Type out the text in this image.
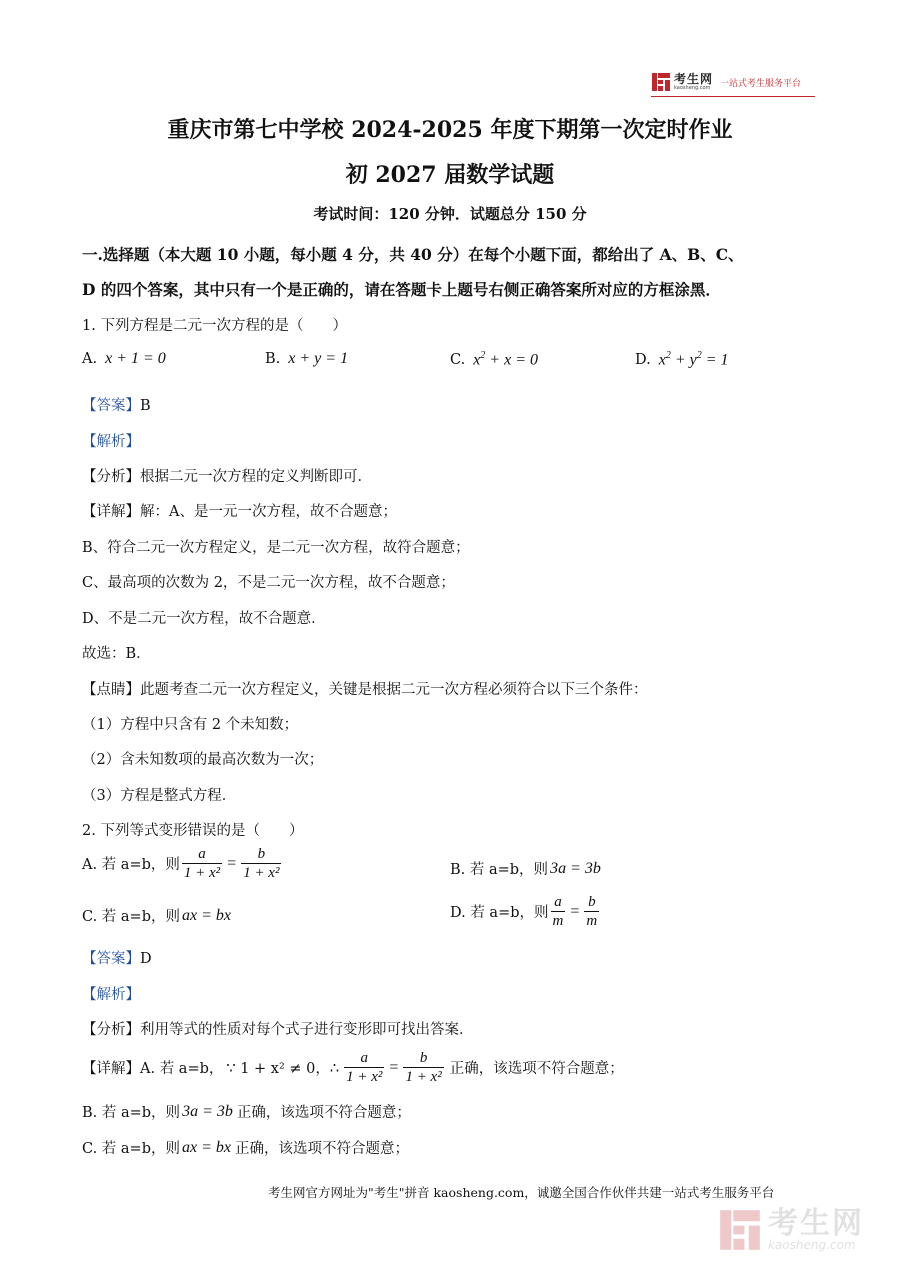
考生网
kaosheng.com 一站式考生服务平台
重庆市第七中学校 2024-2025 年度下期第一次定时作业
初 2027 届数学试题
考试时间：120 分钟．试题总分 150 分
一.选择题（本大题 10 小题，每小题 4 分，共 40 分）在每个小题下面，都给出了 A、B、C、
D 的四个答案，其中只有一个是正确的，请在答题卡上题号右侧正确答案所对应的方框涂黑．
1. 下列方程是二元一次方程的是（　　）
A. x + 1 = 0	B. x + y = 1	C. $x^2 + x = 0$	D. $x^2 + y^2 = 1$
【答案】B
【解析】
【分析】根据二元一次方程的定义判断即可．
【详解】解：A、是一元一次方程，故不合题意；
B、符合二元一次方程定义，是二元一次方程，故符合题意；
C、最高项的次数为 2，不是二元一次方程，故不合题意；
D、不是二元一次方程，故不合题意．
故选：B．
【点睛】此题考查二元一次方程定义，关键是根据二元一次方程必须符合以下三个条件：
（1）方程中只含有 2 个未知数；
（2）含未知数项的最高次数为一次；
（3）方程是整式方程．
2. 下列等式变形错误的是（　　）
A. 若 a=b，则 $\frac{a}{\text{1 + x²}} = \frac{b}{\text{1 + x²}}$	B. 若 a=b，则 3a = 3b
C. 若 a=b，则 ax = bx	D. 若 a=b，则 $\frac{a}{m} = \frac{b}{m}$
【答案】D
【解析】
【分析】利用等式的性质对每个式子进行变形即可找出答案．
【详解】A. 若 a=b， ∵ 1 + x² ≠ 0，∴ $\frac{a}{\text{1 + x²}} = \frac{b}{\text{1 + x²}}$ 正确，该选项不符合题意；
B. 若 a=b，则 3a = 3b 正确，该选项不符合题意；
C. 若 a=b，则 ax = bx 正确，该选项不符合题意；
考生网官方网址为"考生"拼音 kaosheng.com，诚邀全国合作伙伴共建一站式考生服务平台
考生网
kaosheng.com
